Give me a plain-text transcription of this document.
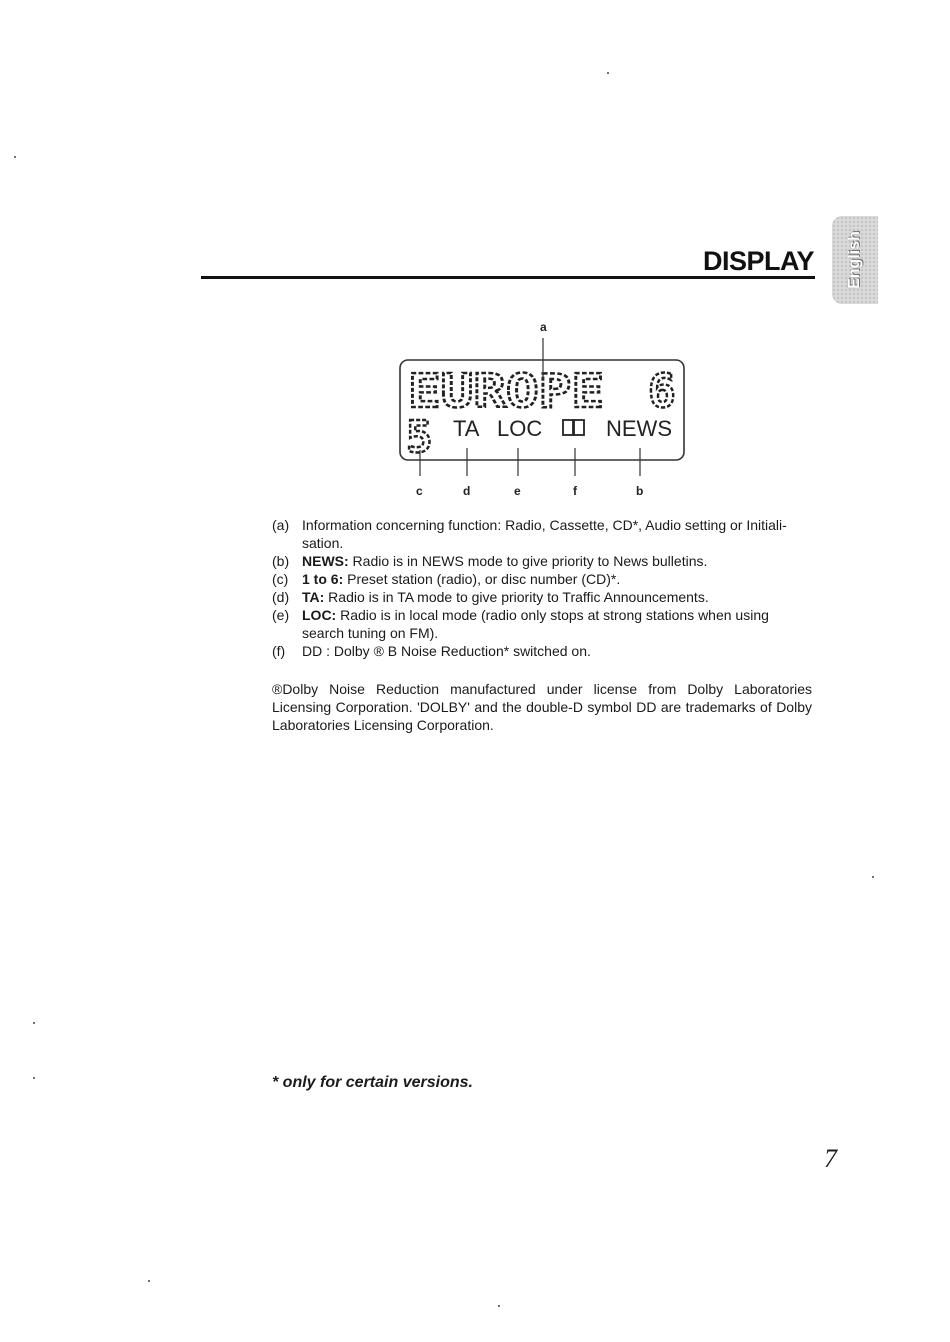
English
DISPLAY
EUROPE 6
5 TA LOC	NEWS
a
c	d	e	f	b
(a) Information concerning function: Radio, Cassette, CD*, Audio setting or Initiali-sation.
(b) NEWS: Radio is in NEWS mode to give priority to News bulletins.
(c) 1 to 6: Preset station (radio), or disc number (CD)*.
(d) TA: Radio is in TA mode to give priority to Traffic Announcements.
(e) LOC: Radio is in local mode (radio only stops at strong stations when using search tuning on FM).
(f)	DD : Dolby ® B Noise Reduction* switched on.
®Dolby Noise Reduction manufactured under license from Dolby Laboratories Licensing Corporation. 'DOLBY' and the double-D symbol DD are trademarks of Dolby Laboratories Licensing Corporation.
* only for certain versions.
7
